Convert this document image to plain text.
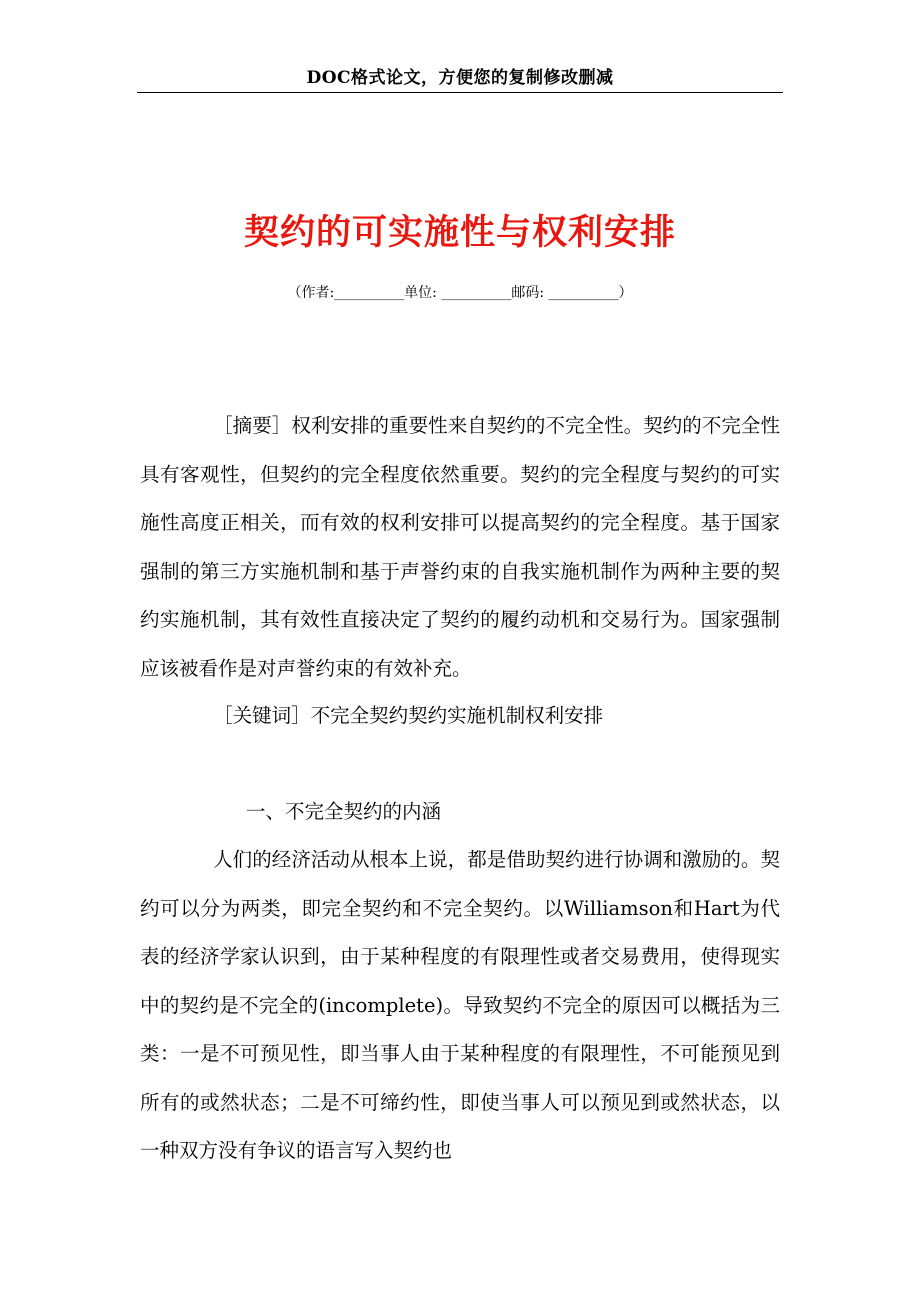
DOC格式论文，方便您的复制修改删减
契约的可实施性与权利安排
（作者:__________单位: __________邮码: __________）

［摘要］权利安排的重要性来自契约的不完全性。契约的不完全性具有客观性，但契约的完全程度依然重要。契约的完全程度与契约的可实施性高度正相关，而有效的权利安排可以提高契约的完全程度。基于国家强制的第三方实施机制和基于声誉约束的自我实施机制作为两种主要的契约实施机制，其有效性直接决定了契约的履约动机和交易行为。国家强制应该被看作是对声誉约束的有效补充。

［关键词］不完全契约契约实施机制权利安排

一、不完全契约的内涵

人们的经济活动从根本上说，都是借助契约进行协调和激励的。契约可以分为两类，即完全契约和不完全契约。以Williamson和Hart为代表的经济学家认识到，由于某种程度的有限理性或者交易费用，使得现实中的契约是不完全的(incomplete)。导致契约不完全的原因可以概括为三类：一是不可预见性，即当事人由于某种程度的有限理性，不可能预见到所有的或然状态；二是不可缔约性，即使当事人可以预见到或然状态，以一种双方没有争议的语言写入契约也
